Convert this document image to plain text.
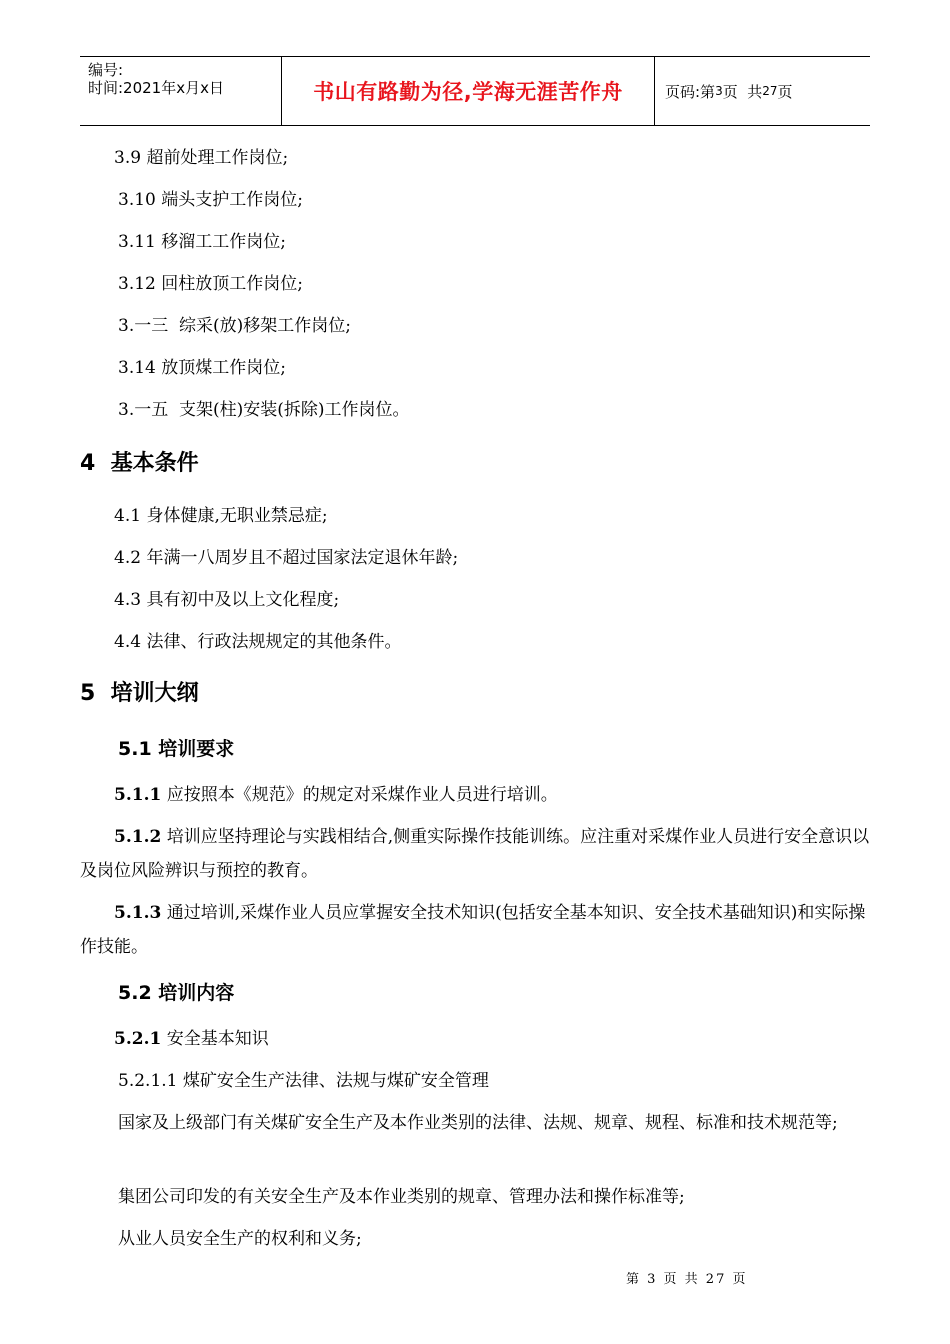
编号:
时间:2021年x月x日	书山有路勤为径,学海无涯苦作舟	页码:第 3 页  共 27 页
3.9 超前处理工作岗位;
3.10 端头支护工作岗位;
3.11 移溜工工作岗位;
3.12 回柱放顶工作岗位;
3.一三  综采(放)移架工作岗位;
3.14 放顶煤工作岗位;
3.一五  支架(柱)安装(拆除)工作岗位。
4  基本条件
4.1 身体健康,无职业禁忌症;
4.2 年满一八周岁且不超过国家法定退休年龄;
4.3 具有初中及以上文化程度;
4.4 法律、行政法规规定的其他条件。
5  培训大纲
5.1 培训要求
5.1.1 应按照本《规范》的规定对采煤作业人员进行培训。
5.1.2 培训应坚持理论与实践相结合,侧重实际操作技能训练。应注重对采煤作业人员进行安全意识以及岗位风险辨识与预控的教育。
5.1.3 通过培训,采煤作业人员应掌握安全技术知识(包括安全基本知识、安全技术基础知识)和实际操作技能。
5.2 培训内容
5.2.1 安全基本知识
5.2.1.1 煤矿安全生产法律、法规与煤矿安全管理
国家及上级部门有关煤矿安全生产及本作业类别的法律、法规、规章、规程、标准和技术规范等;
集团公司印发的有关安全生产及本作业类别的规章、管理办法和操作标准等;
从业人员安全生产的权利和义务;
第 3 页 共 27 页
